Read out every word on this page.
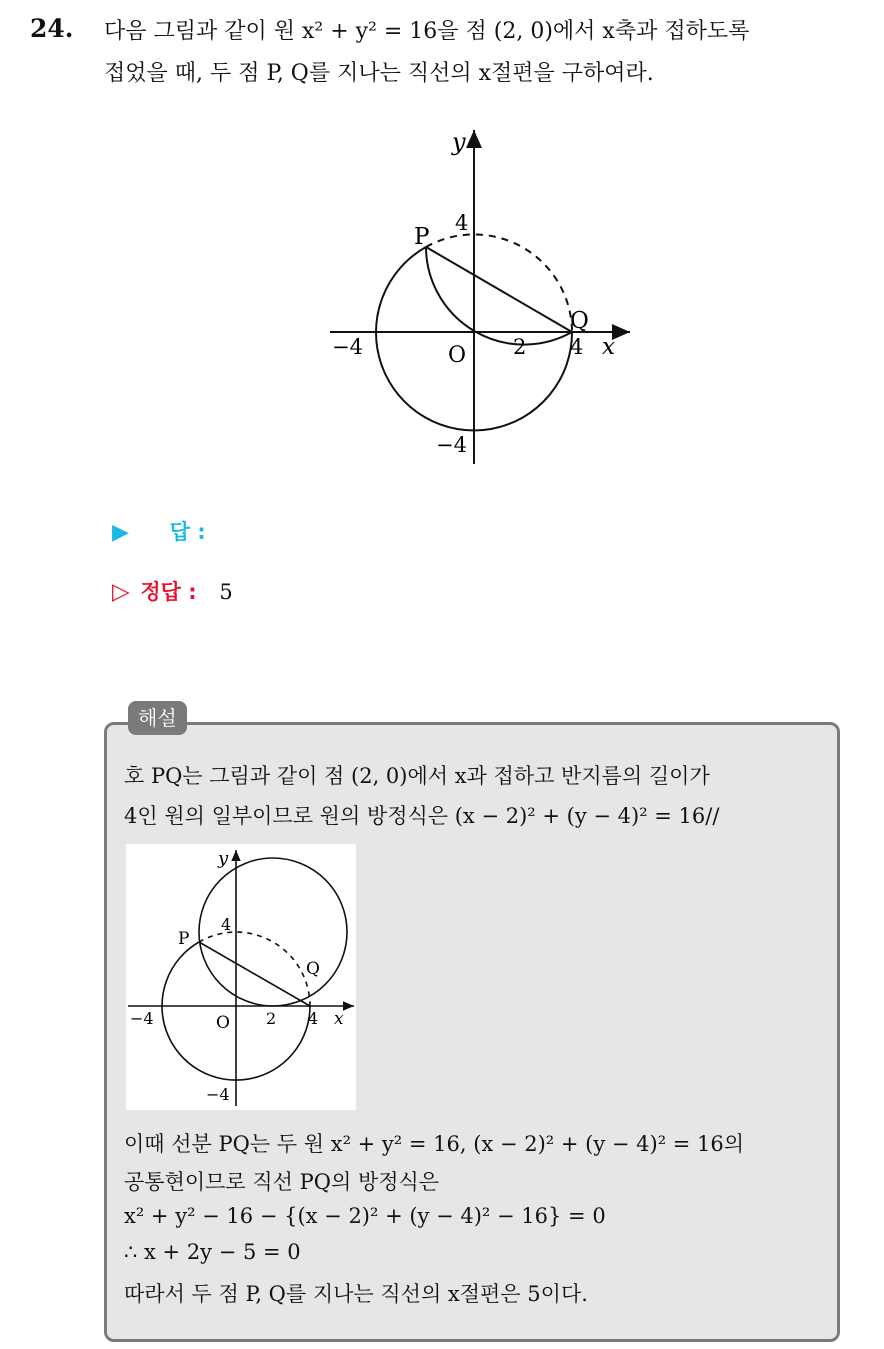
24. 다음 그림과 같이 원 x² + y² = 16을 점 (2, 0)에서 x축과 접하도록
접었을 때, 두 점 P, Q를 지나는 직선의 x절편을 구하여라.
y
P
4
Q
−4	O 2 4 x
−4
▶ 답 :
▷ 정답 : 5
해설
호 PQ는 그림과 같이 점 (2, 0)에서 x과 접하고 반지름의 길이가
4인 원의 일부이므로 원의 방정식은 (x − 2)² + (y − 4)² = 16//
y
P
4
Q
−4	O 2 4 x
−4
이때 선분 PQ는 두 원 x² + y² = 16, (x − 2)² + (y − 4)² = 16의
공통현이므로 직선 PQ의 방정식은
x² + y² − 16 − {(x − 2)² + (y − 4)² − 16} = 0
∴ x + 2y − 5 = 0
따라서 두 점 P, Q를 지나는 직선의 x절편은 5이다.
